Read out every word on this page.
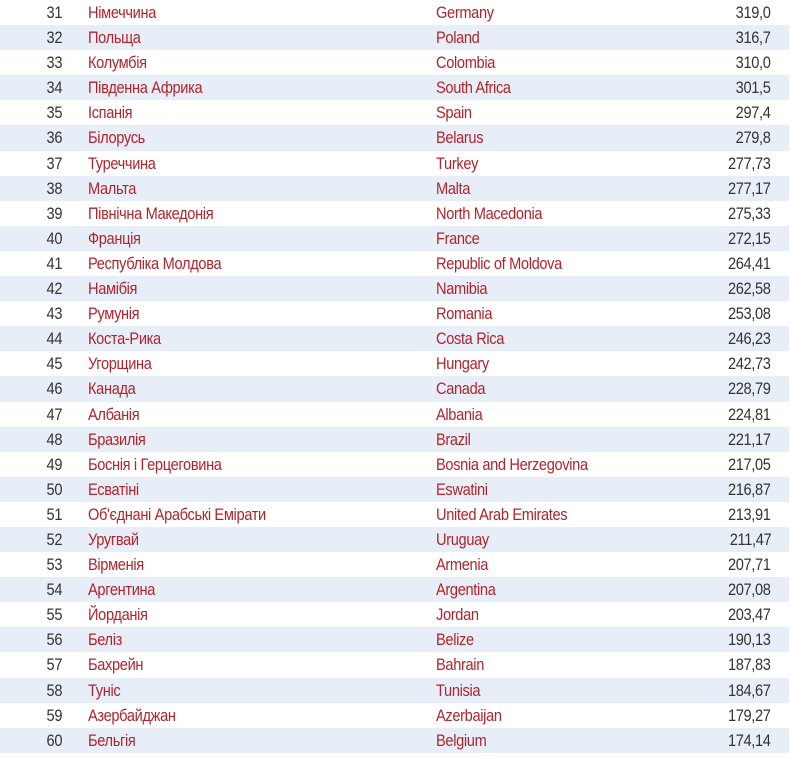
31 Німеччина	Germany	319,0
32 Польща	Poland	316,7
33 Колумбія	Colombia	310,0
34 Південна Африка	South Africa	301,5
35 Іспанія	Spain	297,4
36 Білорусь	Belarus	279,8
37 Туреччина	Turkey	277,73
38 Мальта	Malta	277,17
39 Північна Македонія	North Macedonia	275,33
40 Франція	France	272,15
41 Республіка Молдова	Republic of Moldova	264,41
42 Намібія	Namibia	262,58
43 Румунія	Romania	253,08
44 Коста-Рика	Costa Rica	246,23
45 Угорщина	Hungary	242,73
46 Канада	Canada	228,79
47 Албанія	Albania	224,81
48 Бразилія	Brazil	221,17
49 Боснія і Герцеговина	Bosnia and Herzegovina	217,05
50 Есватіні	Eswatini	216,87
51 Об'єднані Арабські Емірати	United Arab Emirates	213,91
52 Уругвай	Uruguay	211,47
53 Вірменія	Armenia	207,71
54 Аргентина	Argentina	207,08
55 Йорданія	Jordan	203,47
56 Беліз	Belize	190,13
57 Бахрейн	Bahrain	187,83
58 Туніс	Tunisia	184,67
59 Азербайджан	Azerbaijan	179,27
60 Бельгія	Belgium	174,14
